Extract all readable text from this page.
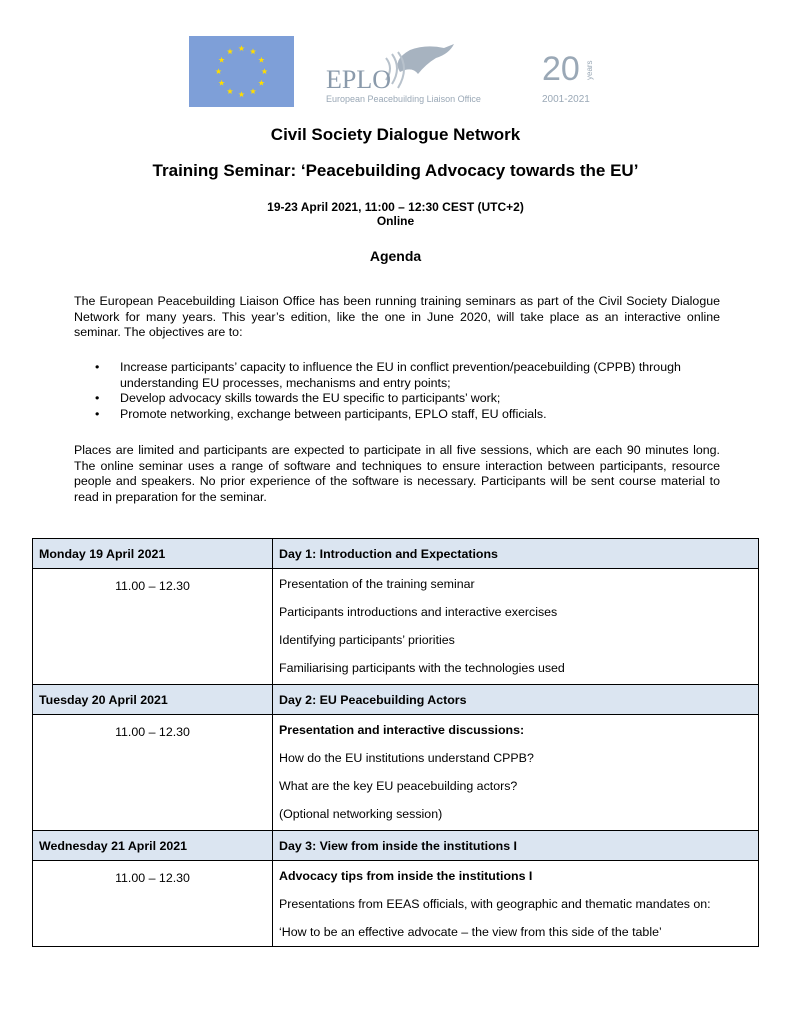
EPLO
European Peacebuilding Liaison Office
20 years
2001-2021
Civil Society Dialogue Network
Training Seminar: ‘Peacebuilding Advocacy towards the EU’
19-23 April 2021, 11:00 – 12:30 CEST (UTC+2)
Online
Agenda
The European Peacebuilding Liaison Office has been running training seminars as part of the Civil Society Dialogue Network for many years. This year’s edition, like the one in June 2020, will take place as an interactive online seminar. The objectives are to:
• Increase participants’ capacity to influence the EU in conflict prevention/peacebuilding (CPPB) through understanding EU processes, mechanisms and entry points;
• Develop advocacy skills towards the EU specific to participants’ work;
• Promote networking, exchange between participants, EPLO staff, EU officials.
Places are limited and participants are expected to participate in all five sessions, which are each 90 minutes long. The online seminar uses a range of software and techniques to ensure interaction between participants, resource people and speakers. No prior experience of the software is necessary. Participants will be sent course material to read in preparation for the seminar.
Monday 19 April 2021	Day 1: Introduction and Expectations
11.00 – 12.30	Presentation of the training seminar
Participants introductions and interactive exercises
Identifying participants’ priorities
Familiarising participants with the technologies used

Tuesday 20 April 2021	Day 2: EU Peacebuilding Actors
11.00 – 12.30	Presentation and interactive discussions:
How do the EU institutions understand CPPB?
What are the key EU peacebuilding actors?
(Optional networking session)

Wednesday 21 April 2021	Day 3: View from inside the institutions I
11.00 – 12.30	Advocacy tips from inside the institutions I
Presentations from EEAS officials, with geographic and thematic mandates on:
‘How to be an effective advocate – the view from this side of the table’
